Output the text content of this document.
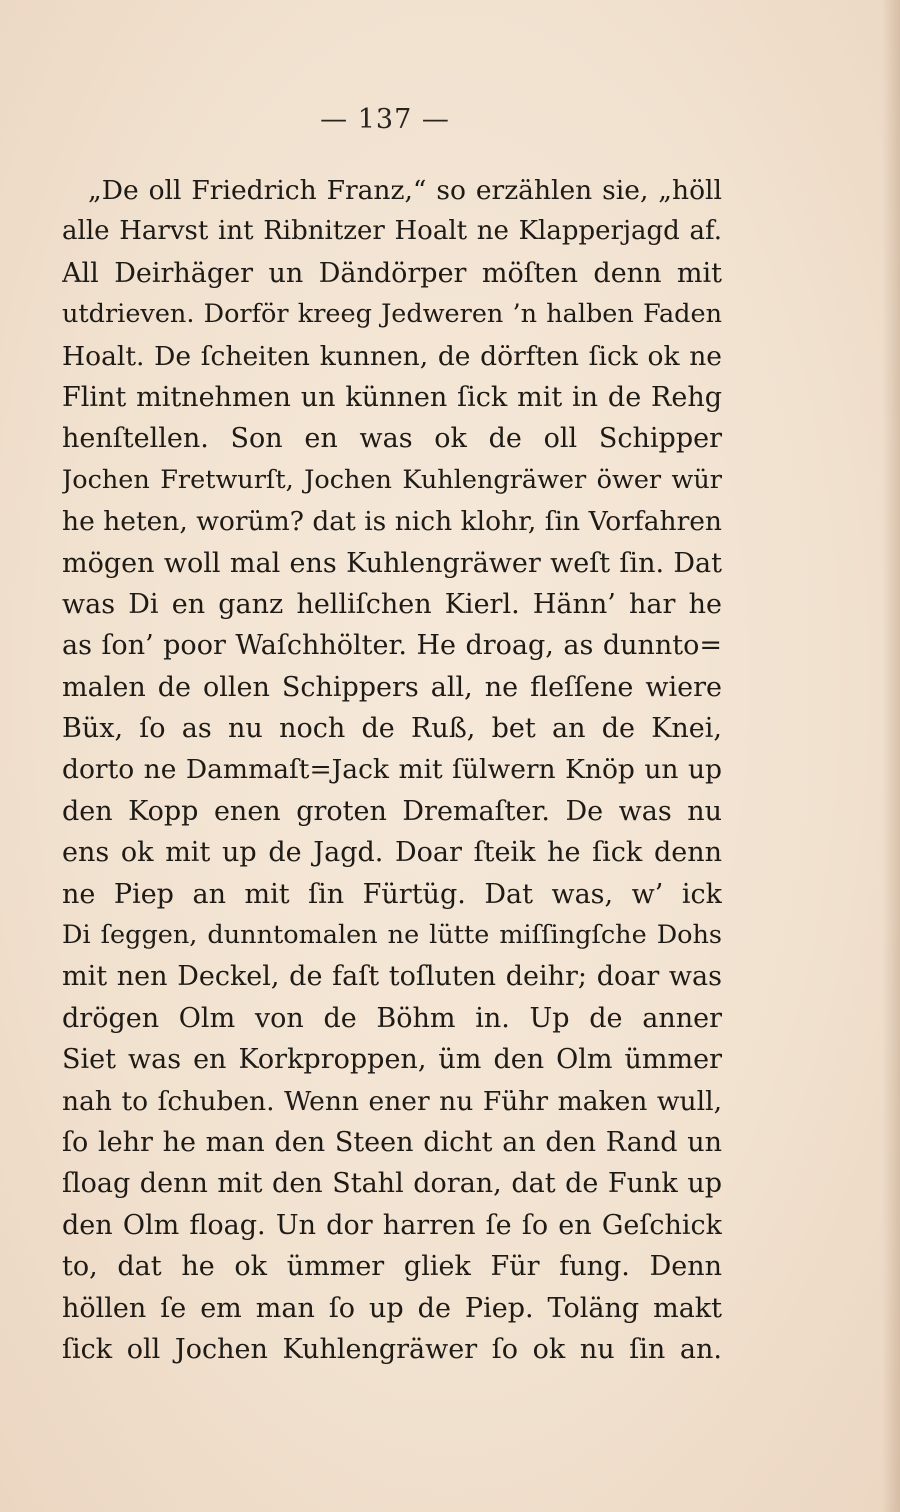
— 137 —
„De oll Friedrich Franz,“ so erzählen sie, „höll
alle Harvst int Ribnitzer Hoalt ne Klapperjagd af.
All Deirhäger un Dändörper möſten denn mit
utdrieven. Dorför kreeg Jedweren ’n halben Faden
Hoalt. De ſcheiten kunnen, de dörften ſick ok ne
Flint mitnehmen un künnen ſick mit in de Rehg
henſtellen. Son en was ok de oll Schipper
Jochen Fretwurſt, Jochen Kuhlengräwer öwer wür
he heten, worüm? dat is nich klohr, ſin Vorfahren
mögen woll mal ens Kuhlengräwer weſt ſin. Dat
was Di en ganz helliſchen Kierl. Hänn’ har he
as ſon’ poor Waſchhölter. He droag, as dunnto=
malen de ollen Schippers all, ne fleſſene wiere
Büx, ſo as nu noch de Ruß, bet an de Knei,
dorto ne Dammaſt=Jack mit ſülwern Knöp un up
den Kopp enen groten Dremaſter. De was nu
ens ok mit up de Jagd. Doar ſteik he ſick denn
ne Piep an mit ſin Fürtüg. Dat was, w’ ick
Di ſeggen, dunntomalen ne lütte miſſingſche Dohs
mit nen Deckel, de faſt toſluten deihr; doar was
drögen Olm von de Böhm in. Up de anner
Siet was en Korkproppen, üm den Olm ümmer
nah to ſchuben. Wenn ener nu Führ maken wull,
ſo lehr he man den Steen dicht an den Rand un
ſloag denn mit den Stahl doran, dat de Funk up
den Olm floag. Un dor harren ſe ſo en Geſchick
to, dat he ok ümmer gliek Für fung. Denn
höllen ſe em man ſo up de Piep. Toläng makt
ſick oll Jochen Kuhlengräwer ſo ok nu ſin an.
